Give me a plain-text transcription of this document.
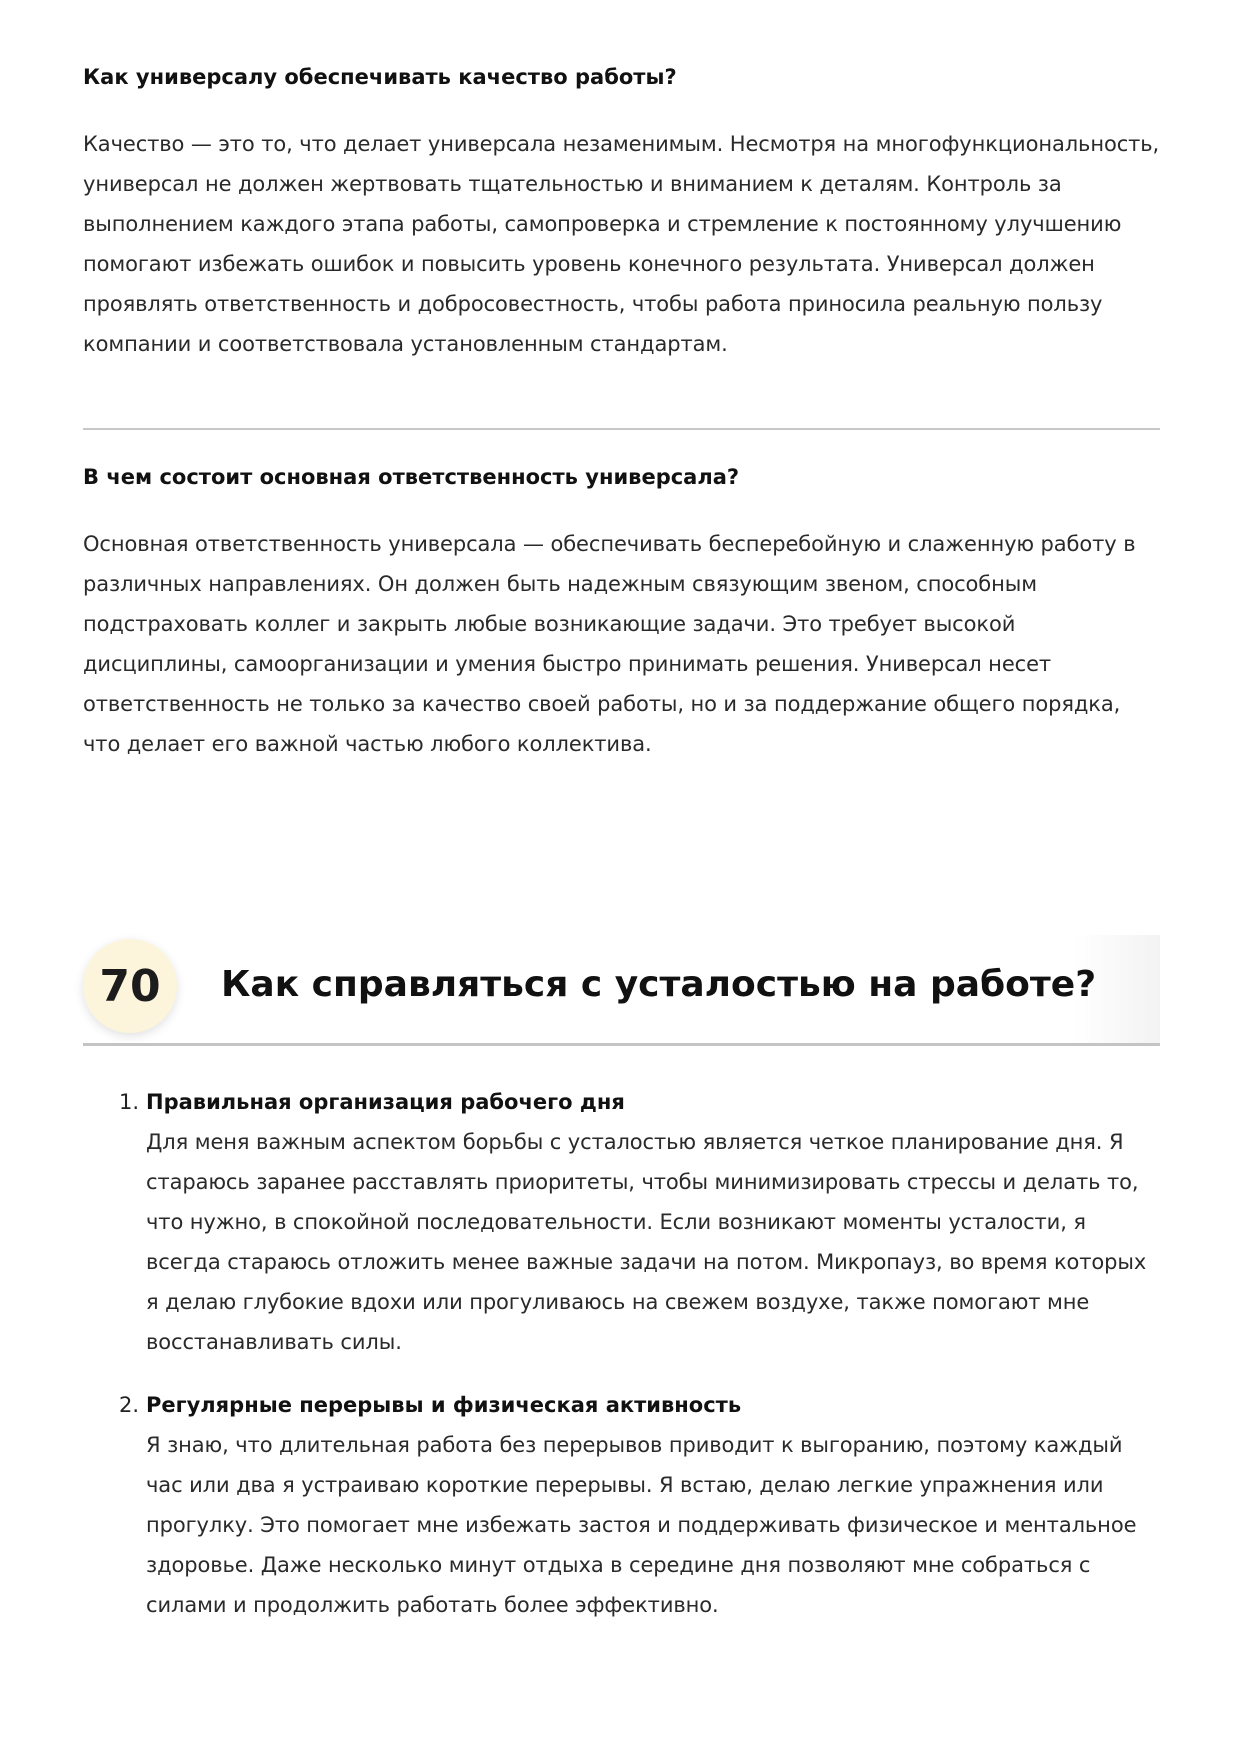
Как универсалу обеспечивать качество работы?

Качество — это то, что делает универсала незаменимым. Несмотря на многофункциональность, универсал не должен жертвовать тщательностью и вниманием к деталям. Контроль за выполнением каждого этапа работы, самопроверка и стремление к постоянному улучшению помогают избежать ошибок и повысить уровень конечного результата. Универсал должен проявлять ответственность и добросовестность, чтобы работа приносила реальную пользу компании и соответствовала установленным стандартам.

В чем состоит основная ответственность универсала?

Основная ответственность универсала — обеспечивать бесперебойную и слаженную работу в различных направлениях. Он должен быть надежным связующим звеном, способным подстраховать коллег и закрыть любые возникающие задачи. Это требует высокой дисциплины, самоорганизации и умения быстро принимать решения. Универсал несет ответственность не только за качество своей работы, но и за поддержание общего порядка, что делает его важной частью любого коллектива.

70	Как справляться с усталостью на работе?
1. Правильная организация рабочего дня

Для меня важным аспектом борьбы с усталостью является четкое планирование дня. Я стараюсь заранее расставлять приоритеты, чтобы минимизировать стрессы и делать то, что нужно, в спокойной последовательности. Если возникают моменты усталости, я всегда стараюсь отложить менее важные задачи на потом. Микропауз, во время которых я делаю глубокие вдохи или прогуливаюсь на свежем воздухе, также помогают мне восстанавливать силы.

2. Регулярные перерывы и физическая активность

Я знаю, что длительная работа без перерывов приводит к выгоранию, поэтому каждый час или два я устраиваю короткие перерывы. Я встаю, делаю легкие упражнения или прогулку. Это помогает мне избежать застоя и поддерживать физическое и ментальное здоровье. Даже несколько минут отдыха в середине дня позволяют мне собраться с силами и продолжить работать более эффективно.
